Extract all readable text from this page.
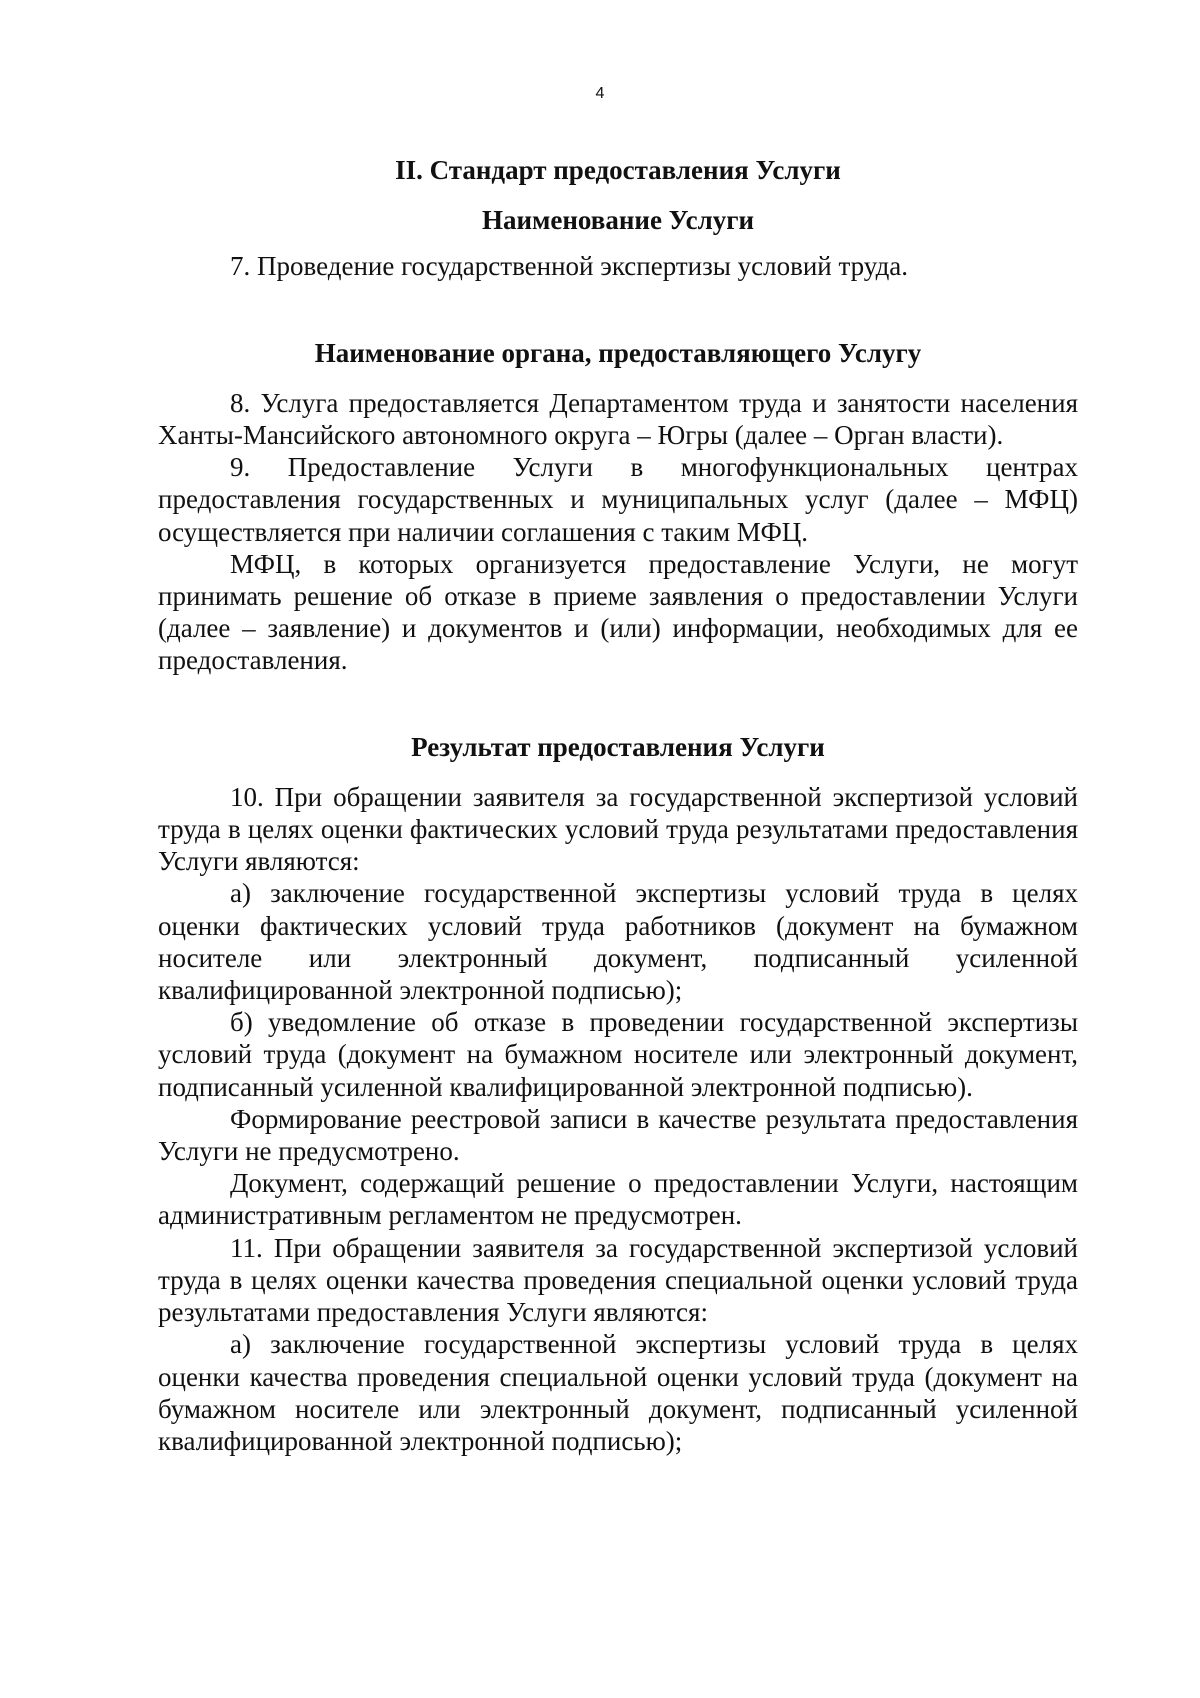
4

II. Стандарт предоставления Услуги

Наименование Услуги

7. Проведение государственной экспертизы условий труда.

Наименование органа, предоставляющего Услугу

8. Услуга предоставляется Департаментом труда и занятости населения Ханты-Мансийского автономного округа – Югры (далее – Орган власти).

9. Предоставление Услуги в многофункциональных центрах предоставления государственных и муниципальных услуг (далее – МФЦ) осуществляется при наличии соглашения с таким МФЦ.

МФЦ, в которых организуется предоставление Услуги, не могут принимать решение об отказе в приеме заявления о предоставлении Услуги (далее – заявление) и документов и (или) информации, необходимых для ее предоставления.

Результат предоставления Услуги

10. При обращении заявителя за государственной экспертизой условий труда в целях оценки фактических условий труда результатами предоставления Услуги являются:

а) заключение государственной экспертизы условий труда в целях оценки фактических условий труда работников (документ на бумажном носителе или электронный документ, подписанный усиленной квалифицированной электронной подписью);

б) уведомление об отказе в проведении государственной экспертизы условий труда (документ на бумажном носителе или электронный документ, подписанный усиленной квалифицированной электронной подписью).

Формирование реестровой записи в качестве результата предоставления Услуги не предусмотрено.

Документ, содержащий решение о предоставлении Услуги, настоящим административным регламентом не предусмотрен.

11. При обращении заявителя за государственной экспертизой условий труда в целях оценки качества проведения специальной оценки условий труда результатами предоставления Услуги являются:

а) заключение государственной экспертизы условий труда в целях оценки качества проведения специальной оценки условий труда (документ на бумажном носителе или электронный документ, подписанный усиленной квалифицированной электронной подписью);
